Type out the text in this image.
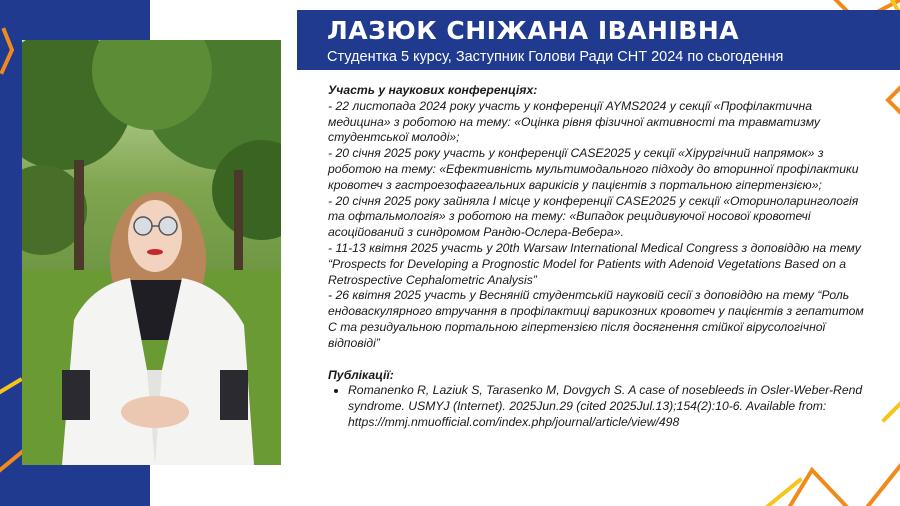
ЛАЗЮК СНІЖАНА ІВАНІВНА
Студентка 5 курсу, Заступник Голови Ради СНТ 2024 по сьогодення

Участь у наукових конференціях:

- 22 листопада 2024 року участь у конференції AYMS2024 у секції «Профілактична медицина» з роботою на тему: «Оцінка рівня фізичної активності та травматизму студентської молоді»;

- 20 січня 2025 року участь у конференції CASE2025 у секції «Хірургічний напрямок» з роботою на тему: «Ефективність мультимодального підходу до вторинної профілактики кровотеч з гастроезофагеальних варикісів у пацієнтів з портальною гіпертензією»;

- 20 січня 2025 року зайняла І місце у конференції CASE2025 у секції «Оториноларингологія та офтальмологія» з роботою на тему: «Випадок рецидивуючої носової кровотечі асоційований з синдромом Рандю-Ослера-Вебера».

- 11-13 квітня 2025 участь у 20th Warsaw International Medical Congress з доповіддю на темy “Prospects for Developing a Prognostic Model for Patients with Adenoid Vegetations Based on a Retrospective Cephalometric Analysis”

- 26 квітня 2025 участь у Весняній студентській науковій сесії з доповіддю на тему “Роль ендоваскулярного втручання в профілактиці варикозних кровотеч у пацієнтів з гепатитом С та резидуальною портальною гіпертензією після досягнення стійкої вірусологічної відповіді”

Публікації:

• Romanenko R, Laziuk S, Tarasenko M, Dovgych S. A case of nosebleeds in Osler-Weber-Rend syndrome. USMYJ (Internet). 2025Jun.29 (cited 2025Jul.13);154(2):10-6. Available from: https://mmj.nmuofficial.com/index.php/journal/article/view/498
